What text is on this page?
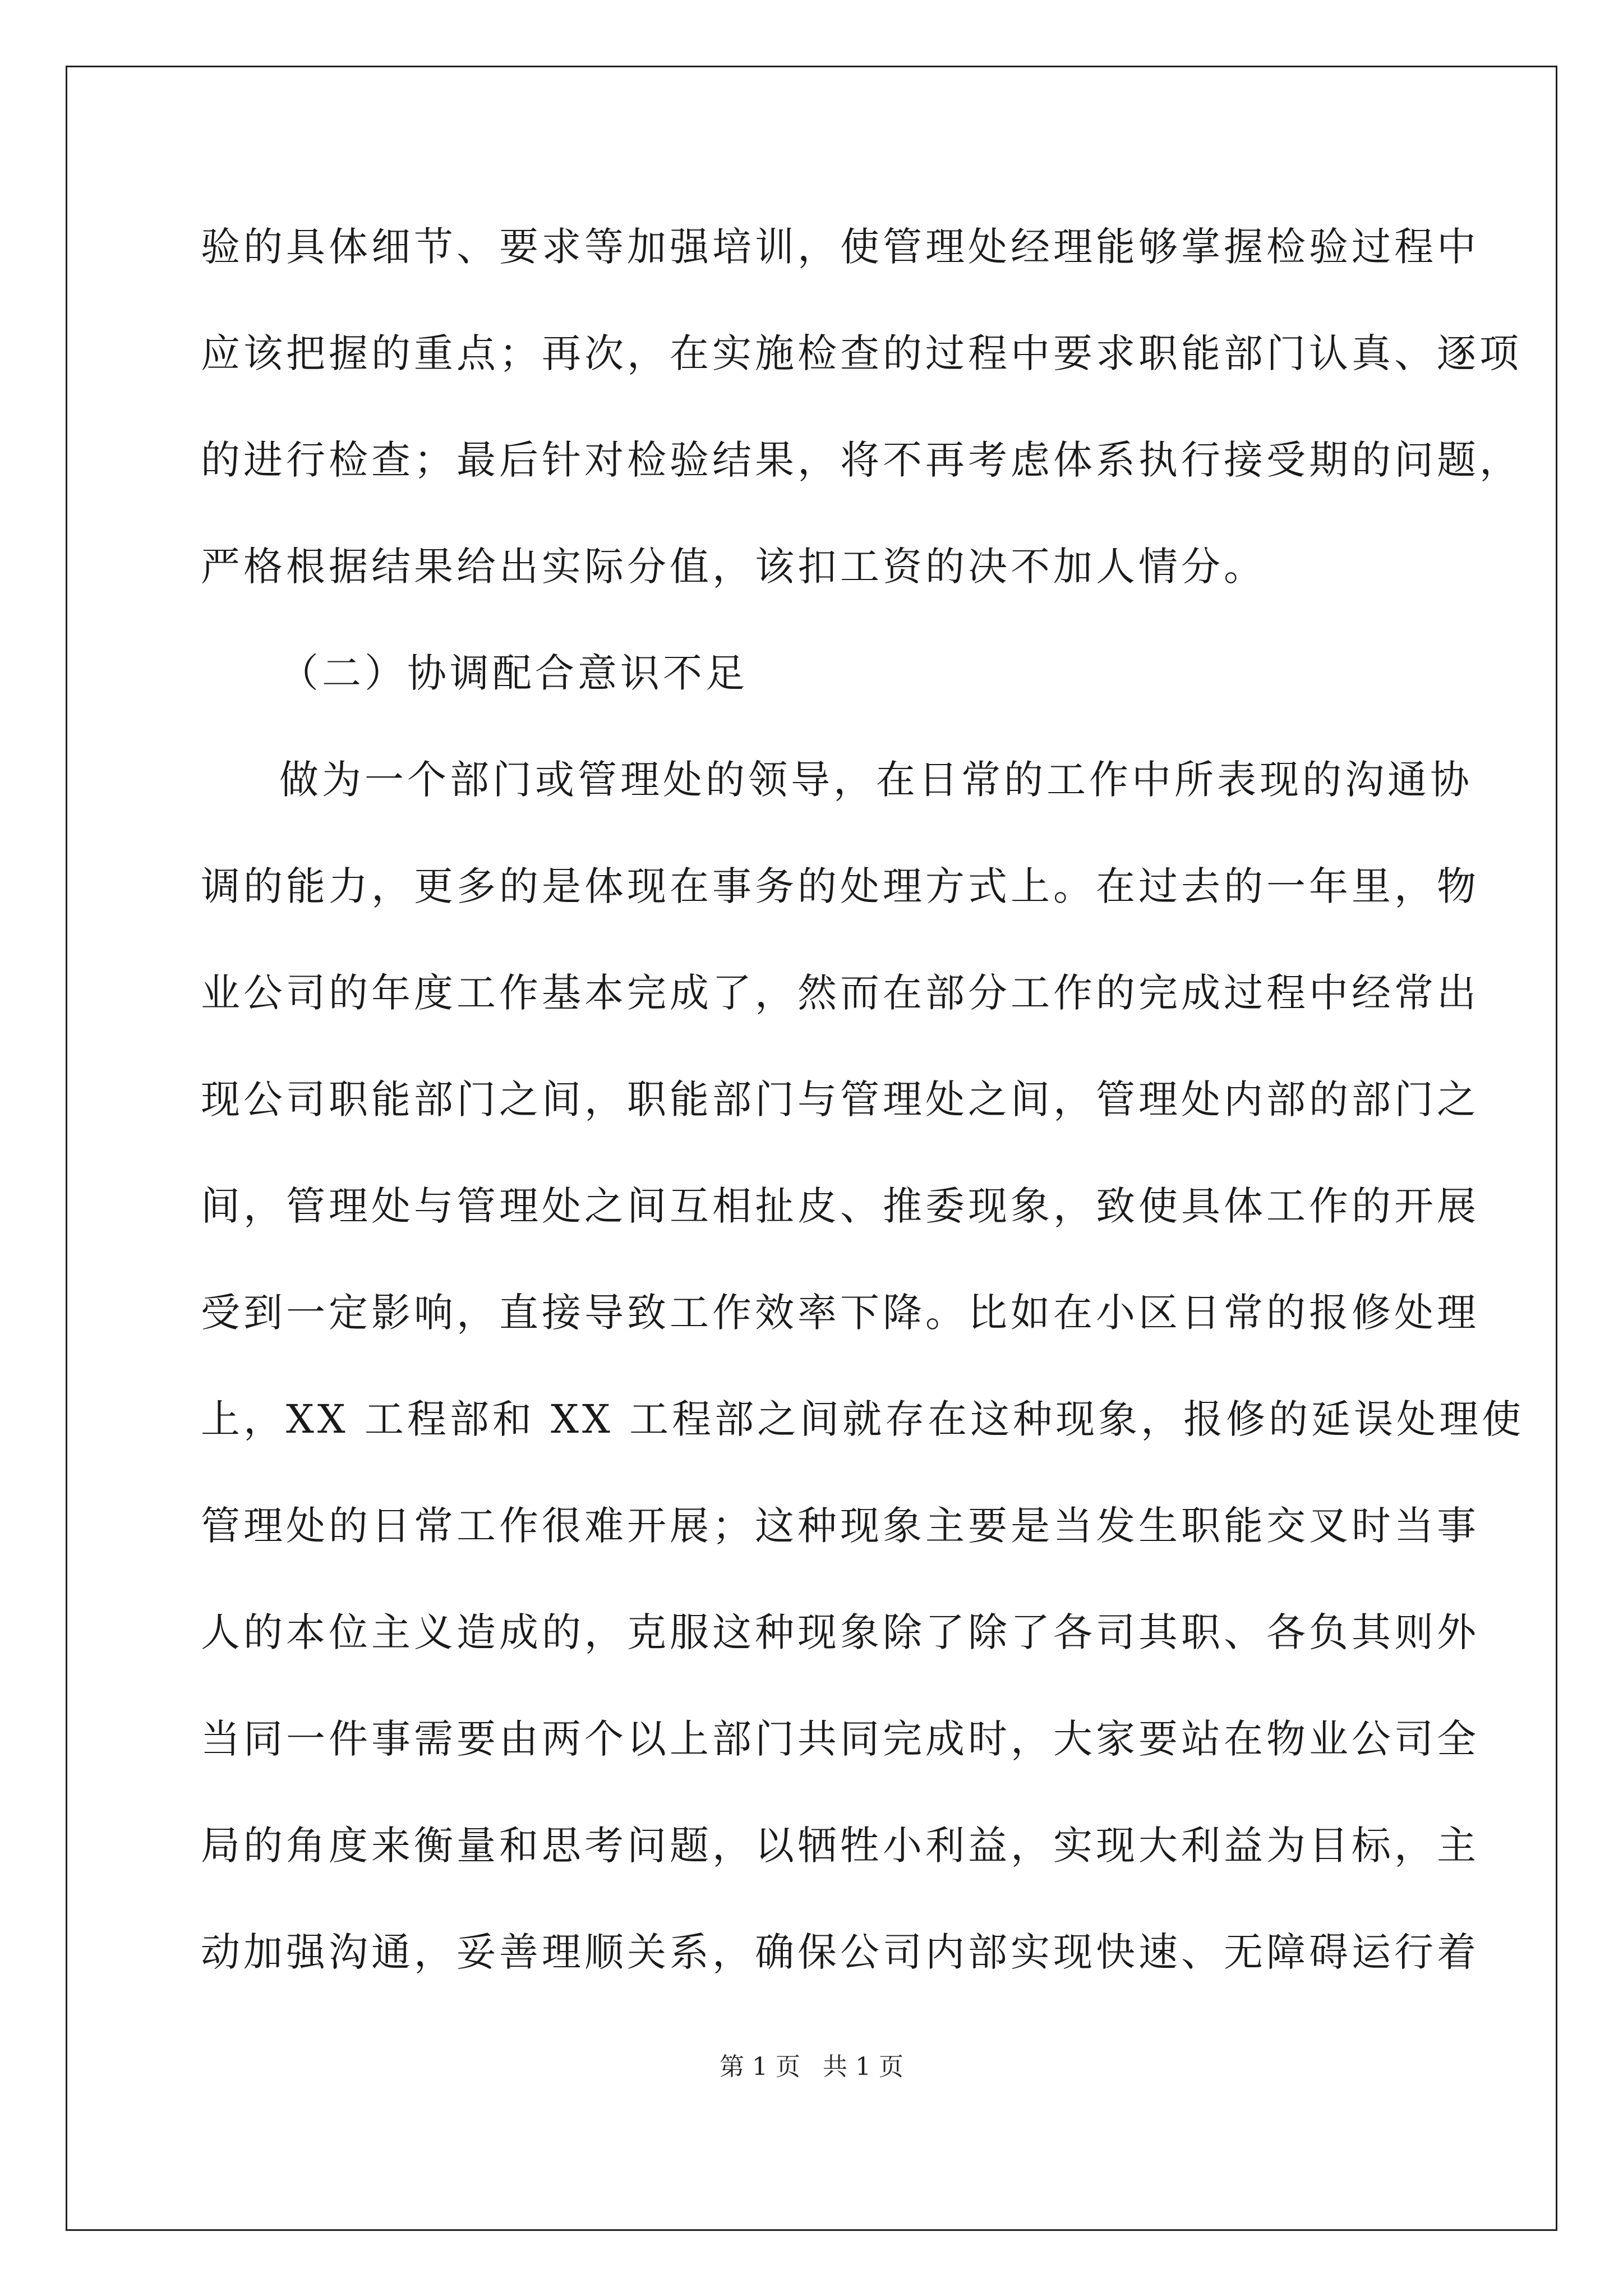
验的具体细节、要求等加强培训，使管理处经理能够掌握检验过程中
应该把握的重点；再次，在实施检查的过程中要求职能部门认真、逐项
的进行检查；最后针对检验结果，将不再考虑体系执行接受期的问题，
严格根据结果给出实际分值，该扣工资的决不加人情分。
（二）协调配合意识不足
做为一个部门或管理处的领导，在日常的工作中所表现的沟通协
调的能力，更多的是体现在事务的处理方式上。在过去的一年里，物
业公司的年度工作基本完成了，然而在部分工作的完成过程中经常出
现公司职能部门之间，职能部门与管理处之间，管理处内部的部门之
间，管理处与管理处之间互相扯皮、推委现象，致使具体工作的开展
受到一定影响，直接导致工作效率下降。比如在小区日常的报修处理
上，XX 工程部和 XX 工程部之间就存在这种现象，报修的延误处理使
管理处的日常工作很难开展；这种现象主要是当发生职能交叉时当事
人的本位主义造成的，克服这种现象除了除了各司其职、各负其则外
当同一件事需要由两个以上部门共同完成时，大家要站在物业公司全
局的角度来衡量和思考问题，以牺牲小利益，实现大利益为目标，主
动加强沟通，妥善理顺关系，确保公司内部实现快速、无障碍运行着
第 1 页 共 1 页
